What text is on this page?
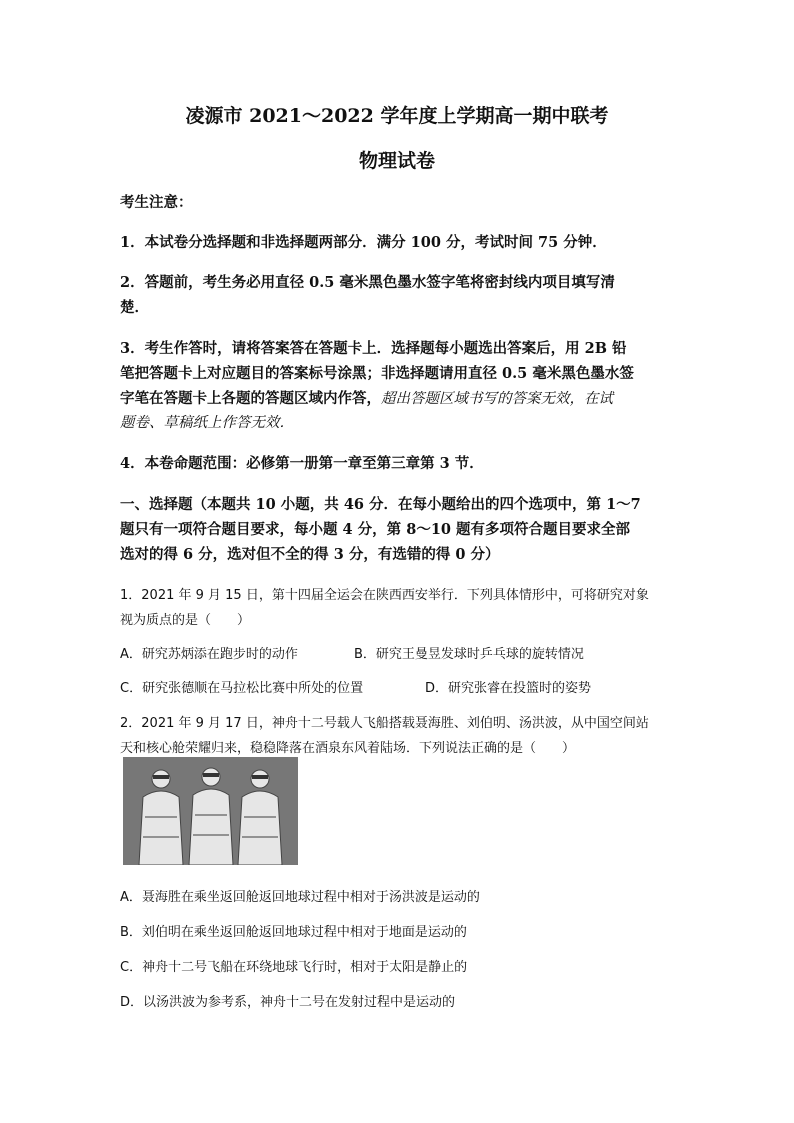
凌源市 2021～2022 学年度上学期高一期中联考
物理试卷
考生注意：
1．本试卷分选择题和非选择题两部分．满分 100 分，考试时间 75 分钟．
2．答题前，考生务必用直径 0.5 毫米黑色墨水签字笔将密封线内项目填写清
楚．
3．考生作答时，请将答案答在答题卡上．选择题每小题选出答案后，用 2B 铅
笔把答题卡上对应题目的答案标号涂黑；非选择题请用直径 0.5 毫米黑色墨水签
字笔在答题卡上各题的答题区域内作答，超出答题区域书写的答案无效，在试
题卷、草稿纸上作答无效．
4．本卷命题范围：必修第一册第一章至第三章第 3 节．
一、选择题（本题共 10 小题，共 46 分．在每小题给出的四个选项中，第 1～7
题只有一项符合题目要求，每小题 4 分，第 8～10 题有多项符合题目要求全部
选对的得 6 分，选对但不全的得 3 分，有选错的得 0 分）
1．2021 年 9 月 15 日，第十四届全运会在陕西西安举行．下列具体情形中，可将研究对象
视为质点的是（　　）
A．研究苏炳添在跑步时的动作	B．研究王曼昱发球时乒乓球的旋转情况
C．研究张德顺在马拉松比赛中所处的位置	D．研究张睿在投篮时的姿势
2．2021 年 9 月 17 日，神舟十二号载人飞船搭载聂海胜、刘伯明、汤洪波，从中国空间站
天和核心舱荣耀归来，稳稳降落在酒泉东风着陆场．下列说法正确的是（　　）
A．聂海胜在乘坐返回舱返回地球过程中相对于汤洪波是运动的
B．刘伯明在乘坐返回舱返回地球过程中相对于地面是运动的
C．神舟十二号飞船在环绕地球飞行时，相对于太阳是静止的
D．以汤洪波为参考系，神舟十二号在发射过程中是运动的
